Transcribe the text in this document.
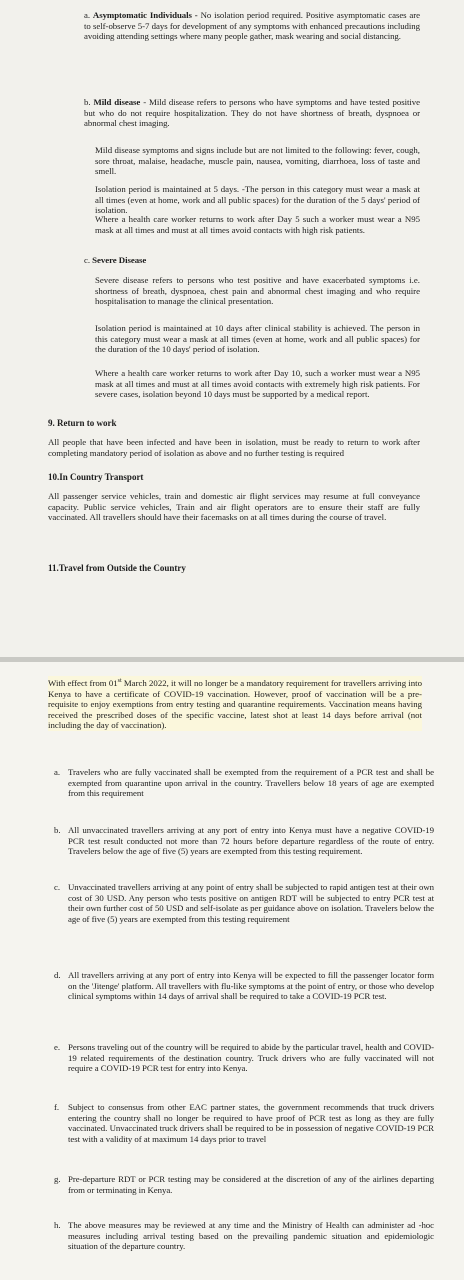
a. Asymptomatic Individuals - No isolation period required. Positive asymptomatic cases are to self-observe 5-7 days for development of any symptoms with enhanced precautions including avoiding attending settings where many people gather, mask wearing and social distancing.
b. Mild disease - Mild disease refers to persons who have symptoms and have tested positive but who do not require hospitalization. They do not have shortness of breath, dyspnoea or abnormal chest imaging.
Mild disease symptoms and signs include but are not limited to the following: fever, cough, sore throat, malaise, headache, muscle pain, nausea, vomiting, diarrhoea, loss of taste and smell.
Isolation period is maintained at 5 days. -The person in this category must wear a mask at all times (even at home, work and all public spaces) for the duration of the 5 days' period of isolation.
Where a health care worker returns to work after Day 5 such a worker must wear a N95 mask at all times and must at all times avoid contacts with high risk patients.
c. Severe Disease
Severe disease refers to persons who test positive and have exacerbated symptoms i.e. shortness of breath, dyspnoea, chest pain and abnormal chest imaging and who require hospitalisation to manage the clinical presentation.
Isolation period is maintained at 10 days after clinical stability is achieved. The person in this category must wear a mask at all times (even at home, work and all public spaces) for the duration of the 10 days' period of isolation.
Where a health care worker returns to work after Day 10, such a worker must wear a N95 mask at all times and must at all times avoid contacts with extremely high risk patients. For severe cases, isolation beyond 10 days must be supported by a medical report.
9. Return to work
All people that have been infected and have been in isolation, must be ready to return to work after completing mandatory period of isolation as above and no further testing is required
10.In Country Transport
All passenger service vehicles, train and domestic air flight services may resume at full conveyance capacity. Public service vehicles, Train and air flight operators are to ensure their staff are fully vaccinated. All travellers should have their facemasks on at all times during the course of travel.
11.Travel from Outside the Country
With effect from 01st March 2022, it will no longer be a mandatory requirement for travellers arriving into Kenya to have a certificate of COVID-19 vaccination. However, proof of vaccination will be a pre-requisite to enjoy exemptions from entry testing and quarantine requirements. Vaccination means having received the prescribed doses of the specific vaccine, latest shot at least 14 days before arrival (not including the day of vaccination).
a. Travelers who are fully vaccinated shall be exempted from the requirement of a PCR test and shall be exempted from quarantine upon arrival in the country. Travellers below 18 years of age are exempted from this requirement
b. All unvaccinated travellers arriving at any port of entry into Kenya must have a negative COVID-19 PCR test result conducted not more than 72 hours before departure regardless of the route of entry. Travelers below the age of five (5) years are exempted from this testing requirement.
c. Unvaccinated travellers arriving at any point of entry shall be subjected to rapid antigen test at their own cost of 30 USD. Any person who tests positive on antigen RDT will be subjected to entry PCR test at their own further cost of 50 USD and self-isolate as per guidance above on isolation. Travelers below the age of five (5) years are exempted from this testing requirement
d. All travellers arriving at any port of entry into Kenya will be expected to fill the passenger locator form on the 'Jitenge' platform. All travellers with flu-like symptoms at the point of entry, or those who develop clinical symptoms within 14 days of arrival shall be required to take a COVID-19 PCR test.
e. Persons traveling out of the country will be required to abide by the particular travel, health and COVID-19 related requirements of the destination country. Truck drivers who are fully vaccinated will not require a COVID-19 PCR test for entry into Kenya.
f. Subject to consensus from other EAC partner states, the government recommends that truck drivers entering the country shall no longer be required to have proof of PCR test as long as they are fully vaccinated. Unvaccinated truck drivers shall be required to be in possession of negative COVID-19 PCR test with a validity of at maximum 14 days prior to travel
g. Pre-departure RDT or PCR testing may be considered at the discretion of any of the airlines departing from or terminating in Kenya.
h. The above measures may be reviewed at any time and the Ministry of Health can administer ad -hoc measures including arrival testing based on the prevailing pandemic situation and epidemiologic situation of the departure country.
